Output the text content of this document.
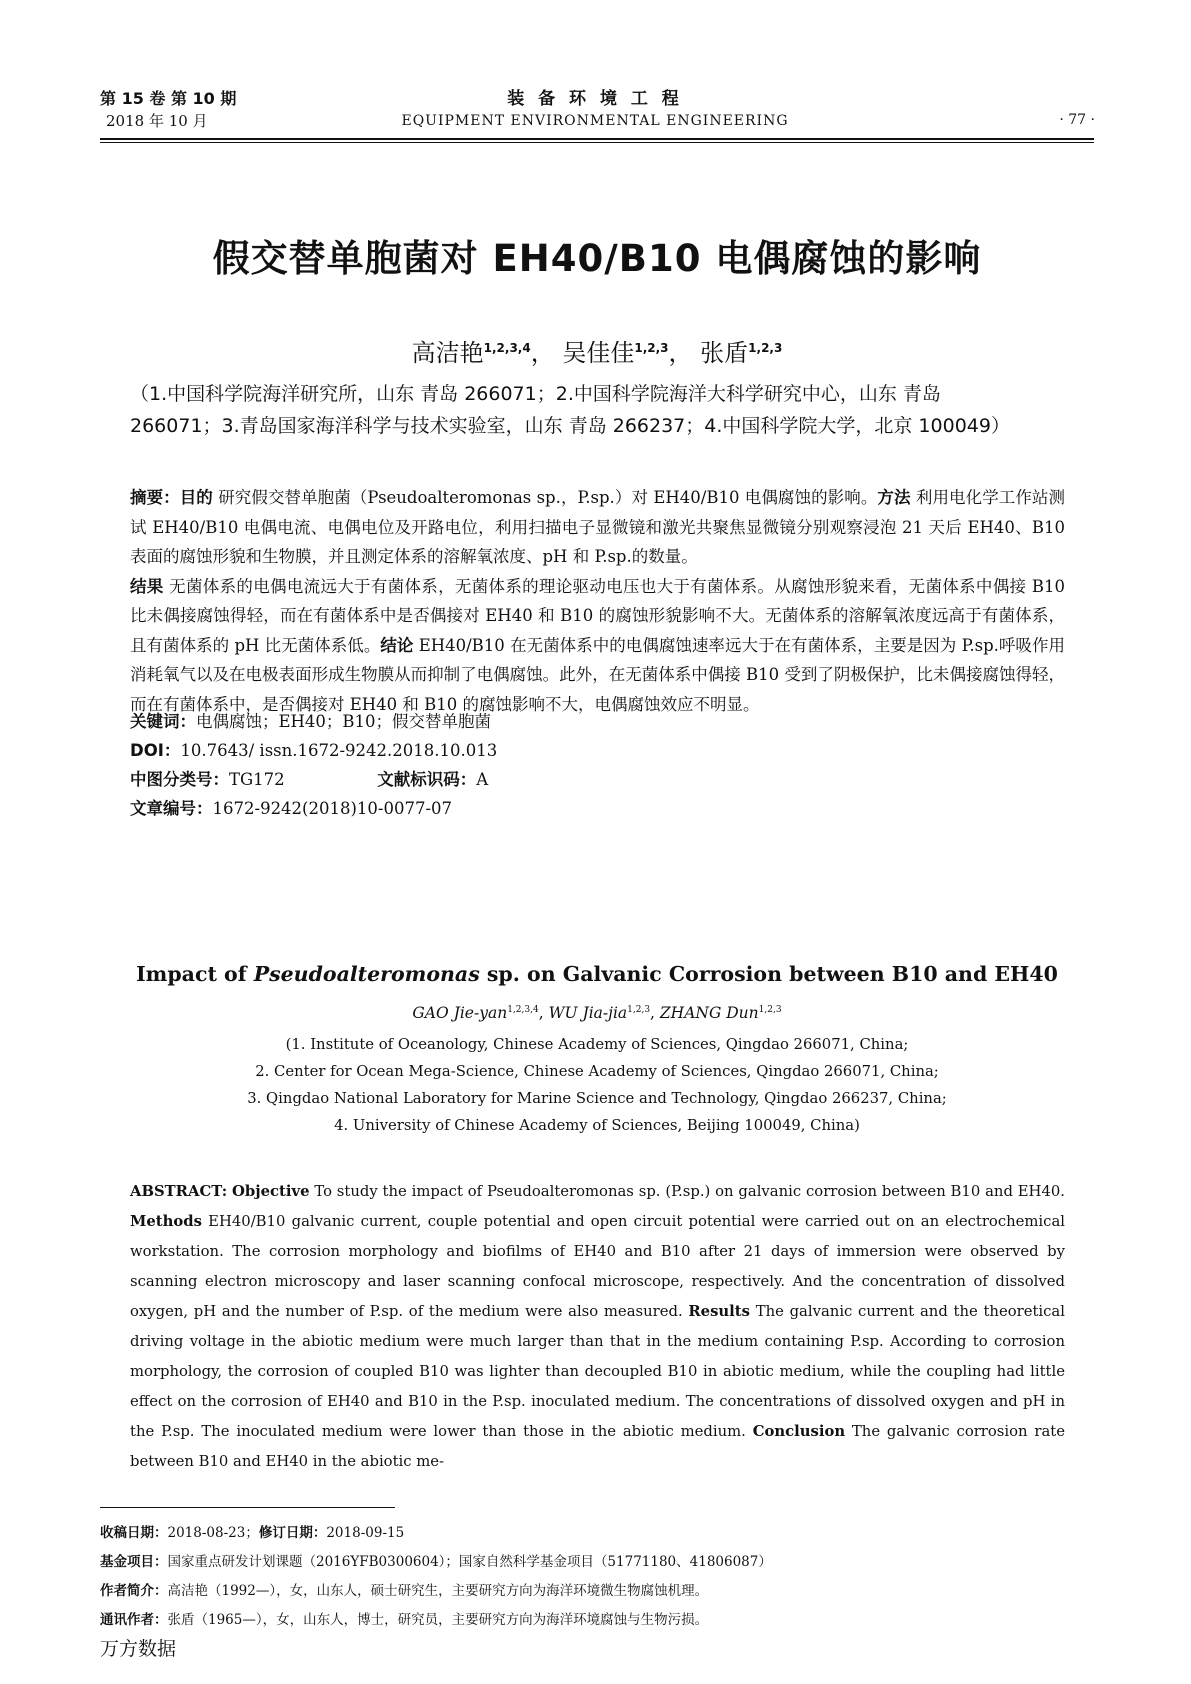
第 15 卷 第 10 期
2018 年 10 月
装 备 环 境 工 程
EQUIPMENT ENVIRONMENTAL ENGINEERING	· 77 ·
假交替单胞菌对 EH40/B10 电偶腐蚀的影响
高洁艳$^{1,2,3,4}$， 吴佳佳$^{1,2,3}$， 张盾$^{1,2,3}$
（1.中国科学院海洋研究所，山东 青岛 266071；2.中国科学院海洋大科学研究中心，山东 青岛
266071；3.青岛国家海洋科学与技术实验室，山东 青岛 266237；4.中国科学院大学，北京 100049）
摘要：目的 研究假交替单胞菌（Pseudoalteromonas sp.，P.sp.）对 EH40/B10 电偶腐蚀的影响。方法 利用电化学工作站测试 EH40/B10 电偶电流、电偶电位及开路电位，利用扫描电子显微镜和激光共聚焦显微镜分别观察浸泡 21 天后 EH40、B10 表面的腐蚀形貌和生物膜，并且测定体系的溶解氧浓度、pH 和 P.sp.的数量。
结果 无菌体系的电偶电流远大于有菌体系，无菌体系的理论驱动电压也大于有菌体系。从腐蚀形貌来看，无菌体系中偶接 B10 比未偶接腐蚀得轻，而在有菌体系中是否偶接对 EH40 和 B10 的腐蚀形貌影响不大。无菌体系的溶解氧浓度远高于有菌体系，且有菌体系的 pH 比无菌体系低。结论 EH40/B10 在无菌体系中的电偶腐蚀速率远大于在有菌体系，主要是因为 P.sp.呼吸作用消耗氧气以及在电极表面形成生物膜从而抑制了电偶腐蚀。此外，在无菌体系中偶接 B10 受到了阴极保护，比未偶接腐蚀得轻，而在有菌体系中，是否偶接对 EH40 和 B10 的腐蚀影响不大，电偶腐蚀效应不明显。
关键词：电偶腐蚀；EH40；B10；假交替单胞菌
DOI：10.7643/ issn.1672-9242.2018.10.013
中图分类号：TG172	文献标识码：A
文章编号：1672-9242(2018)10-0077-07
Impact of Pseudoalteromonas sp. on Galvanic Corrosion between B10 and EH40
GAO Jie-yan$^{1,2,3,4}$, WU Jia-jia$^{1,2,3}$, ZHANG Dun$^{1,2,3}$
(1. Institute of Oceanology, Chinese Academy of Sciences, Qingdao 266071, China;
2. Center for Ocean Mega-Science, Chinese Academy of Sciences, Qingdao 266071, China;
3. Qingdao National Laboratory for Marine Science and Technology, Qingdao 266237, China;
4. University of Chinese Academy of Sciences, Beijing 100049, China)
ABSTRACT: Objective To study the impact of Pseudoalteromonas sp. (P.sp.) on galvanic corrosion between B10 and EH40. Methods EH40/B10 galvanic current, couple potential and open circuit potential were carried out on an electrochemical workstation. The corrosion morphology and biofilms of EH40 and B10 after 21 days of immersion were observed by scanning electron microscopy and laser scanning confocal microscope, respectively. And the concentration of dissolved oxygen, pH and the number of P.sp. of the medium were also measured. Results The galvanic current and the theoretical driving voltage in the abiotic medium were much larger than that in the medium containing P.sp. According to corrosion morphology, the corrosion of coupled B10 was lighter than decoupled B10 in abiotic medium, while the coupling had little effect on the corrosion of EH40 and B10 in the P.sp. inoculated medium. The concentrations of dissolved oxygen and pH in the P.sp. The inoculated medium were lower than those in the abiotic medium. Conclusion The galvanic corrosion rate between B10 and EH40 in the abiotic me-
收稿日期：2018-08-23；修订日期：2018-09-15
基金项目：国家重点研发计划课题（2016YFB0300604）；国家自然科学基金项目（51771180、41806087）
作者简介：高洁艳（1992—），女，山东人，硕士研究生，主要研究方向为海洋环境微生物腐蚀机理。
通讯作者：张盾（1965—），女，山东人，博士，研究员，主要研究方向为海洋环境腐蚀与生物污损。
万方数据
